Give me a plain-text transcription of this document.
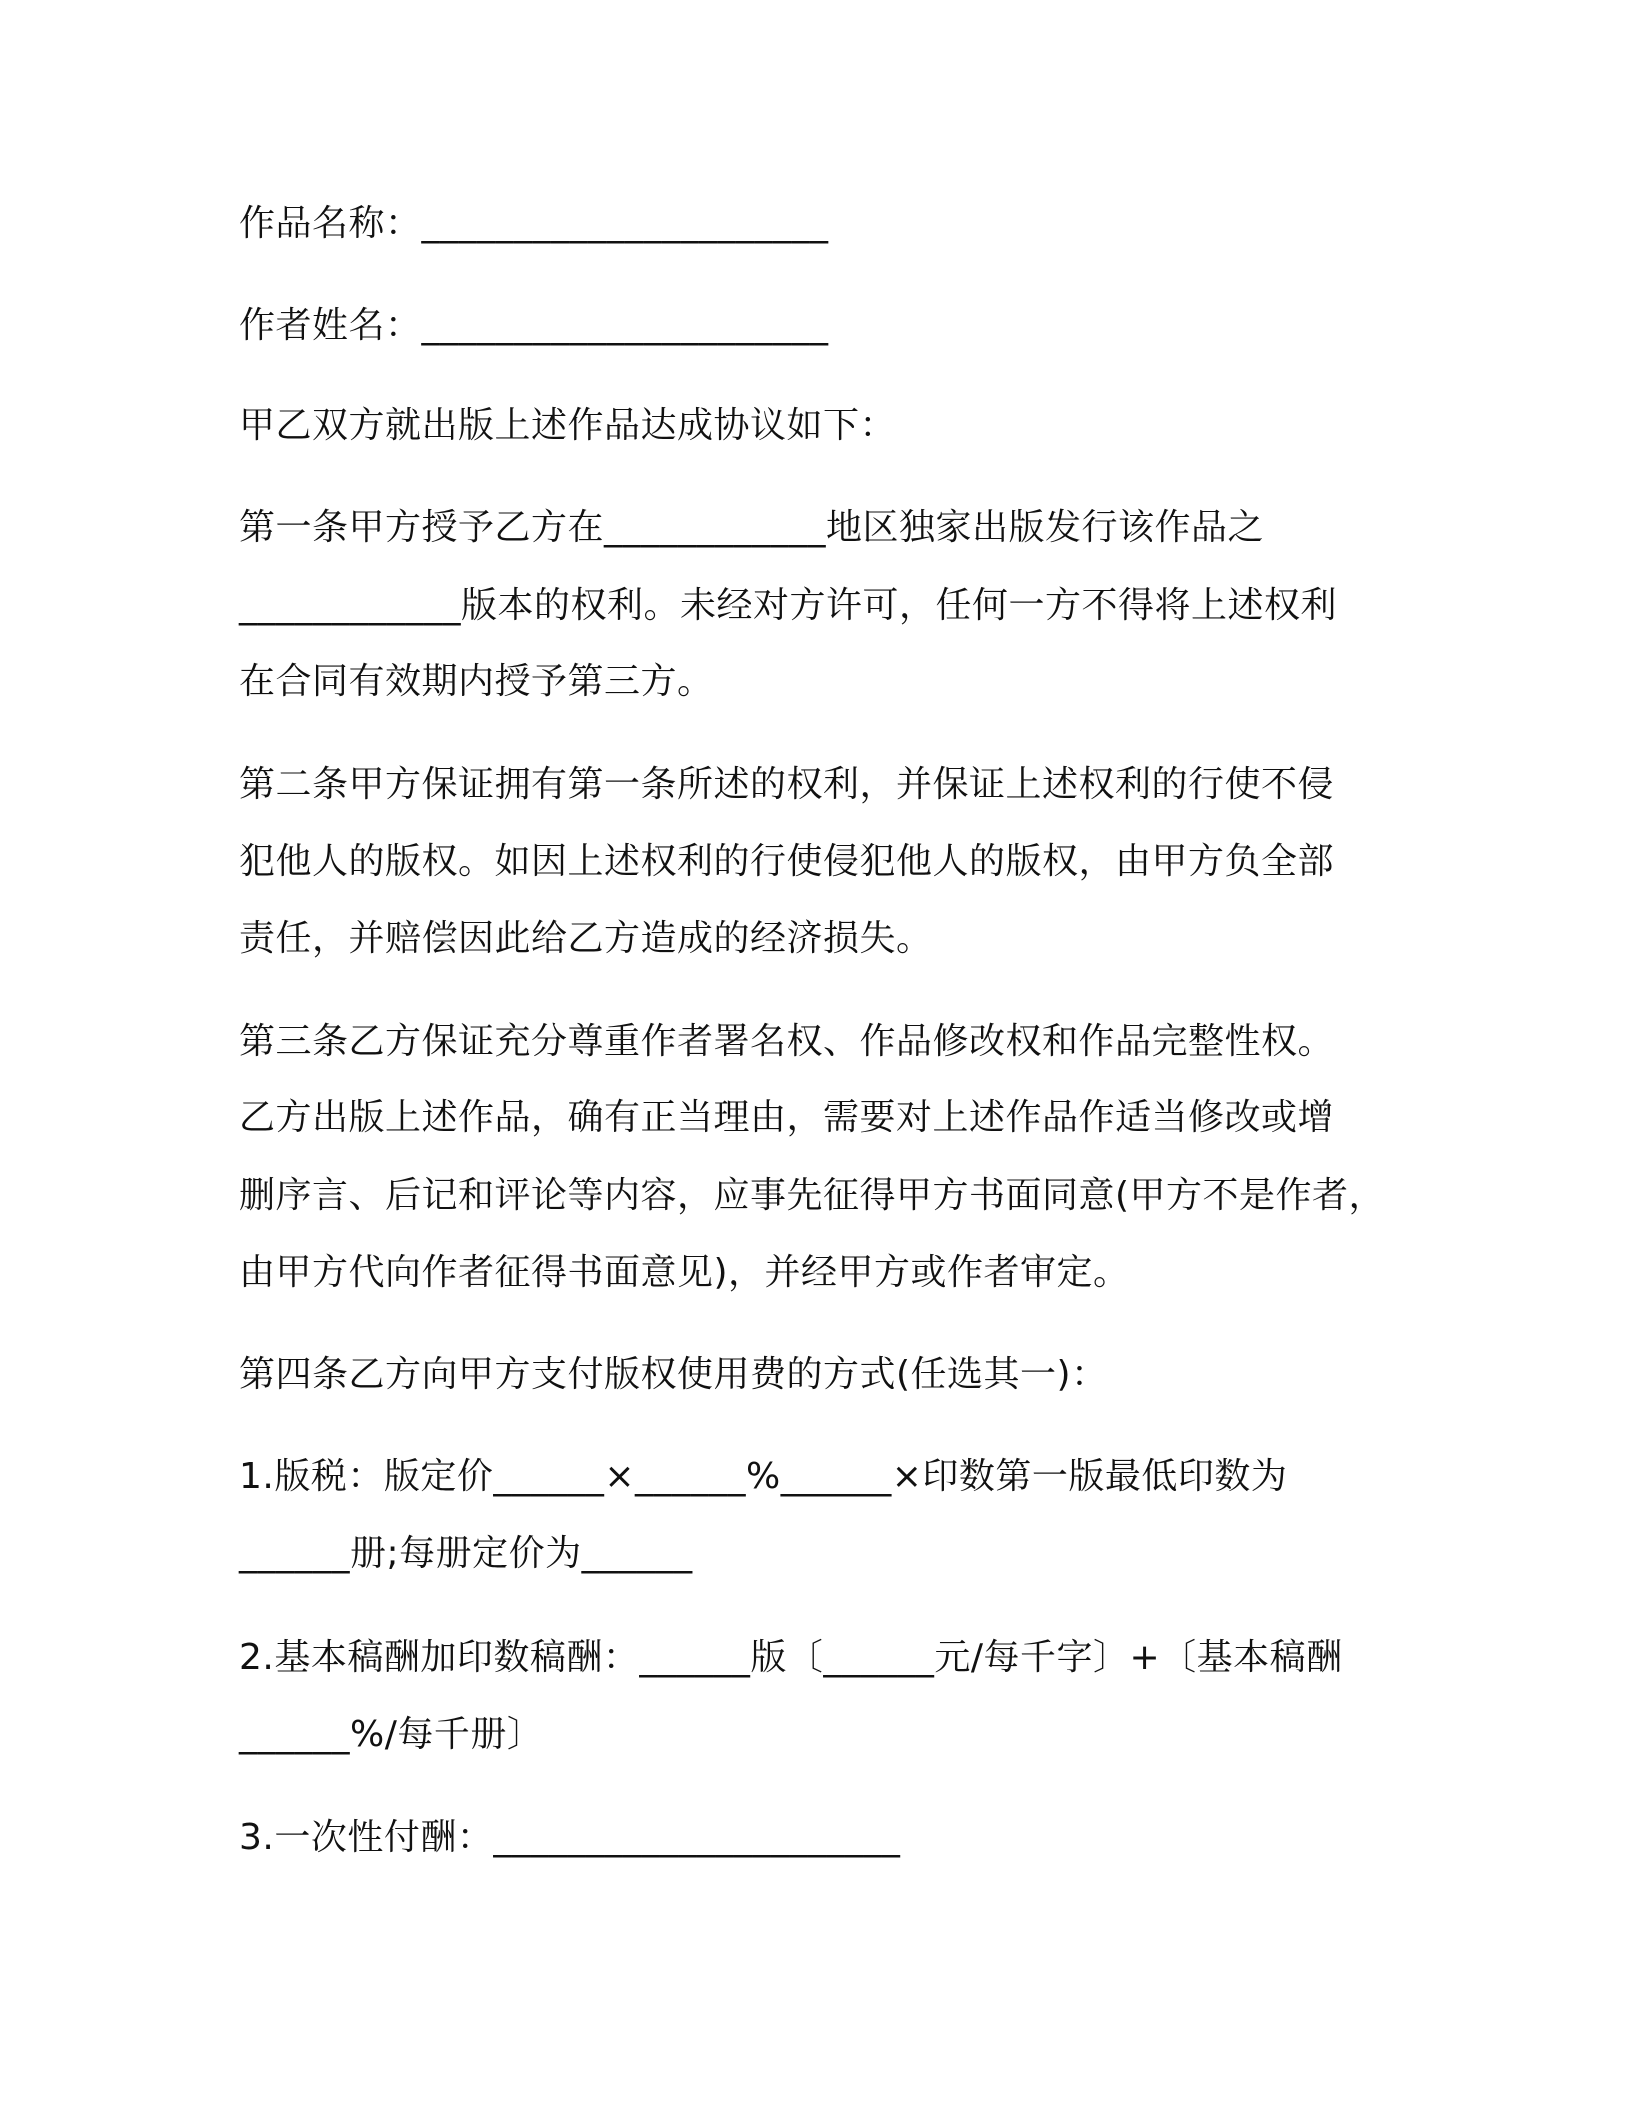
作品名称：______________________
作者姓名：______________________
甲乙双方就出版上述作品达成协议如下：
第一条甲方授予乙方在____________地区独家出版发行该作品之
____________版本的权利。未经对方许可，任何一方不得将上述权利
在合同有效期内授予第三方。
第二条甲方保证拥有第一条所述的权利，并保证上述权利的行使不侵
犯他人的版权。如因上述权利的行使侵犯他人的版权，由甲方负全部
责任，并赔偿因此给乙方造成的经济损失。
第三条乙方保证充分尊重作者署名权、作品修改权和作品完整性权。
乙方出版上述作品，确有正当理由，需要对上述作品作适当修改或增
删序言、后记和评论等内容，应事先征得甲方书面同意(甲方不是作者，
由甲方代向作者征得书面意见)，并经甲方或作者审定。
第四条乙方向甲方支付版权使用费的方式(任选其一)：
1.版税：版定价______×______%______×印数第一版最低印数为
______册;每册定价为______
2.基本稿酬加印数稿酬：______版〔______元/每千字〕+〔基本稿酬
______%/每千册〕
3.一次性付酬：______________________
